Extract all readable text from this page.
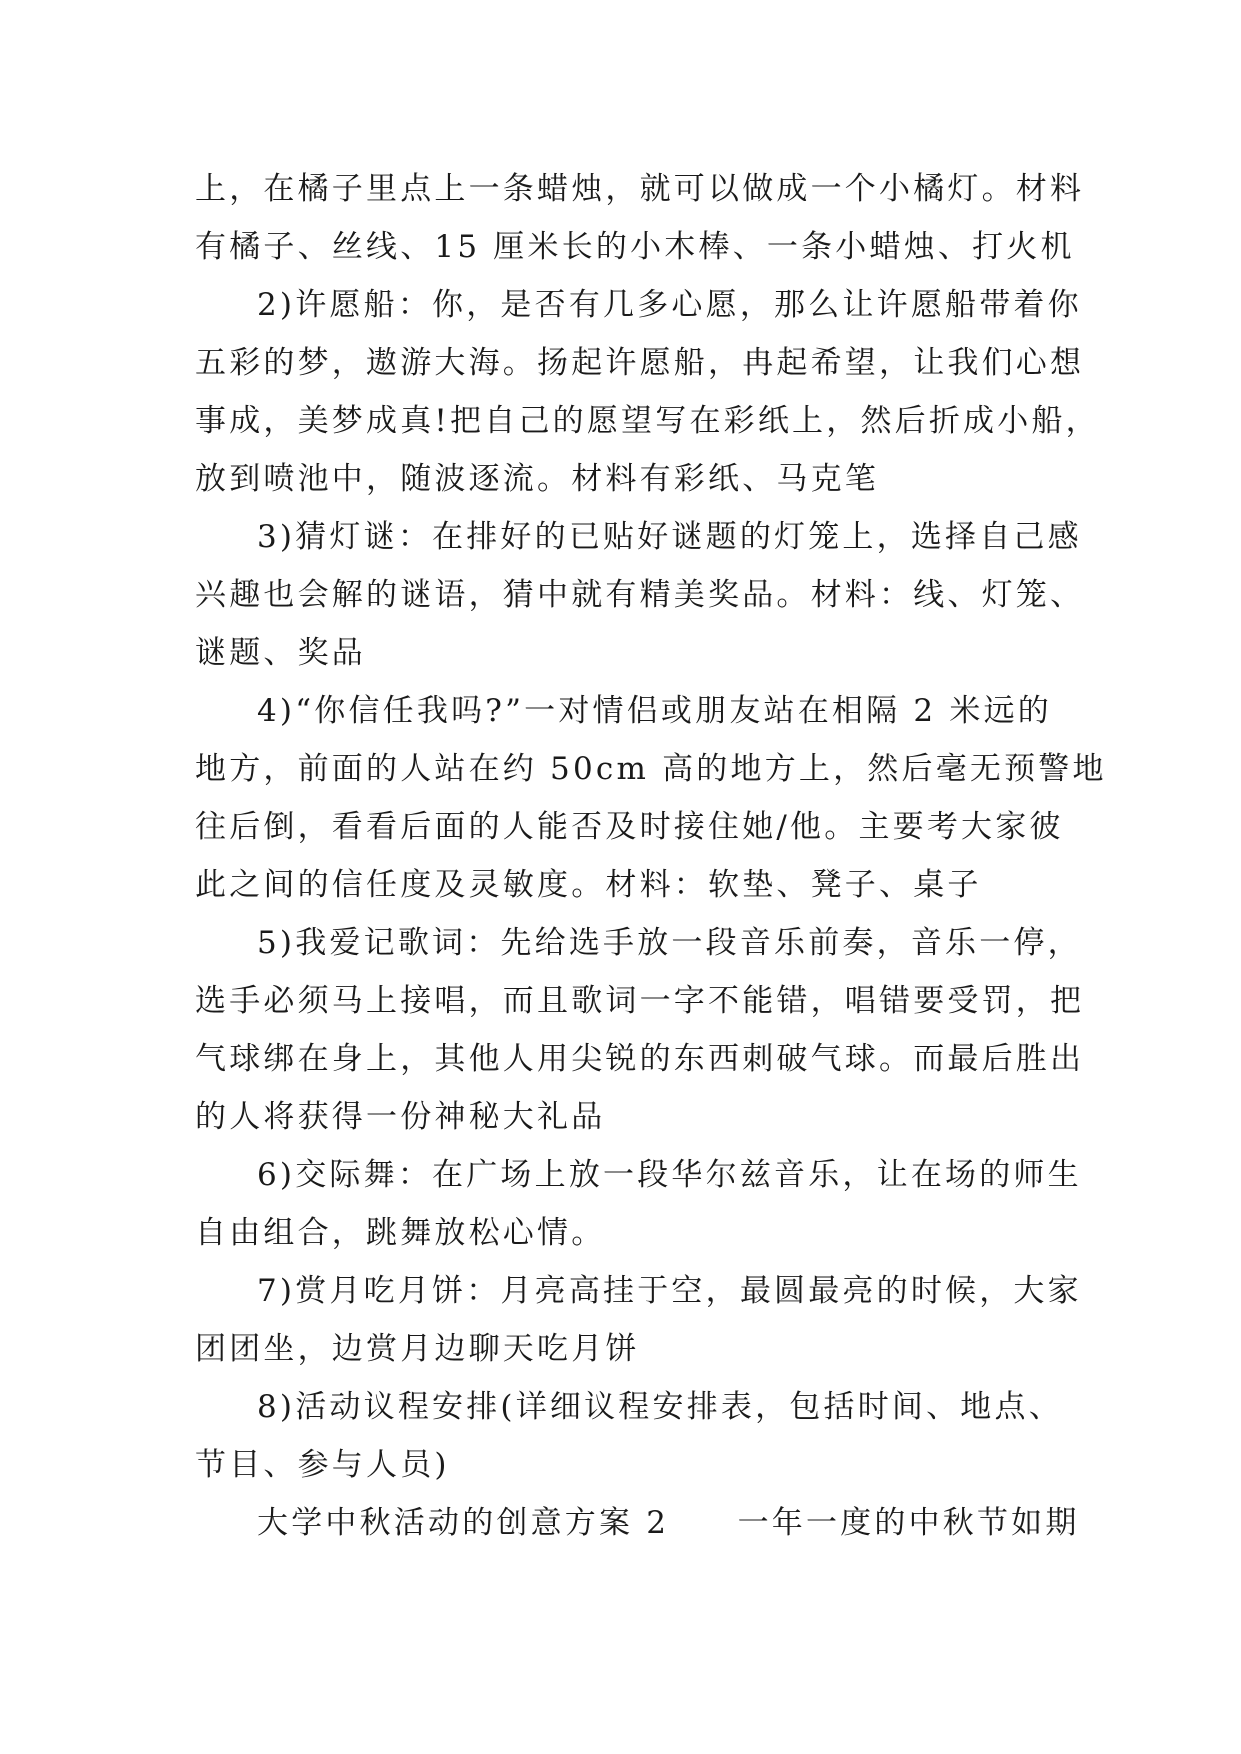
上，在橘子里点上一条蜡烛，就可以做成一个小橘灯。材料
有橘子、丝线、15 厘米长的小木棒、一条小蜡烛、打火机
2)许愿船：你，是否有几多心愿，那么让许愿船带着你
五彩的梦，遨游大海。扬起许愿船，冉起希望，让我们心想
事成，美梦成真!把自己的愿望写在彩纸上，然后折成小船，
放到喷池中，随波逐流。材料有彩纸、马克笔
3)猜灯谜：在排好的已贴好谜题的灯笼上，选择自己感
兴趣也会解的谜语，猜中就有精美奖品。材料：线、灯笼、
谜题、奖品
4)“你信任我吗?”一对情侣或朋友站在相隔 2 米远的
地方，前面的人站在约 50cm 高的地方上，然后毫无预警地
往后倒，看看后面的人能否及时接住她/他。主要考大家彼
此之间的信任度及灵敏度。材料：软垫、凳子、桌子
5)我爱记歌词：先给选手放一段音乐前奏，音乐一停，
选手必须马上接唱，而且歌词一字不能错，唱错要受罚，把
气球绑在身上，其他人用尖锐的东西刺破气球。而最后胜出
的人将获得一份神秘大礼品
6)交际舞：在广场上放一段华尔兹音乐，让在场的师生
自由组合，跳舞放松心情。
7)赏月吃月饼：月亮高挂于空，最圆最亮的时候，大家
团团坐，边赏月边聊天吃月饼
8)活动议程安排(详细议程安排表，包括时间、地点、
节目、参与人员)
大学中秋活动的创意方案 2　　一年一度的中秋节如期
